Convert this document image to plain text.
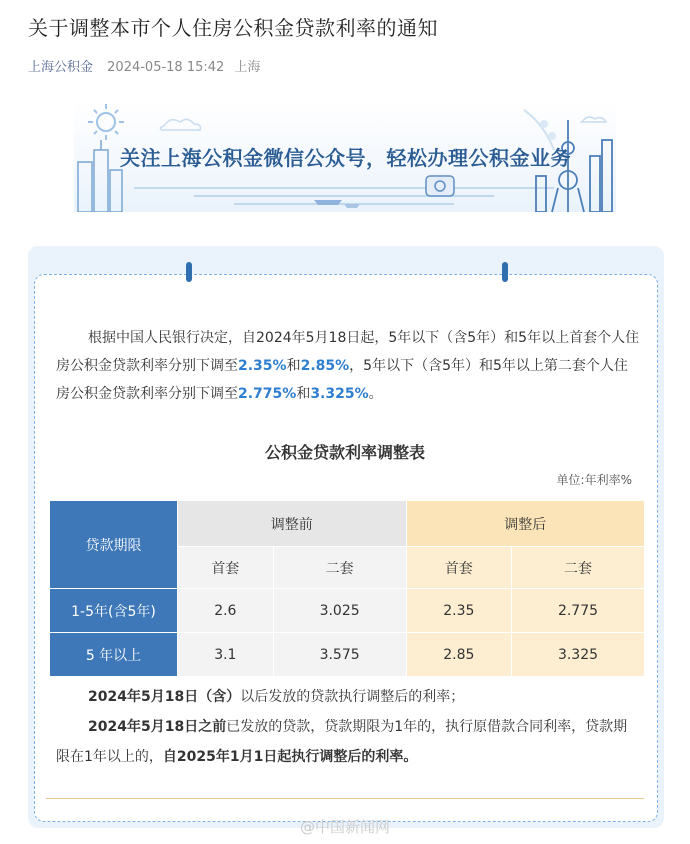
关于调整本市个人住房公积金贷款利率的通知
上海公积金 2024-05-18 15:42 上海
关注上海公积金微信公众号，轻松办理公积金业务
根据中国人民银行决定，自2024年5月18日起，5年以下（含5年）和5年以上首套个人住房公积金贷款利率分别下调至2.35%和2.85%，5年以下（含5年）和5年以上第二套个人住房公积金贷款利率分别下调至2.775%和3.325%。
公积金贷款利率调整表
单位:年利率%
贷款期限	调整前		调整后	
	首套	二套	首套	二套
1-5年(含5年)	2.6	3.025	2.35	2.775
5 年以上	3.1	3.575	2.85	3.325

2024年5月18日（含）以后发放的贷款执行调整后的利率；

2024年5月18日之前已发放的贷款，贷款期限为1年的，执行原借款合同利率，贷款期限在1年以上的，自2025年1月1日起执行调整后的利率。

@中国新闻网
